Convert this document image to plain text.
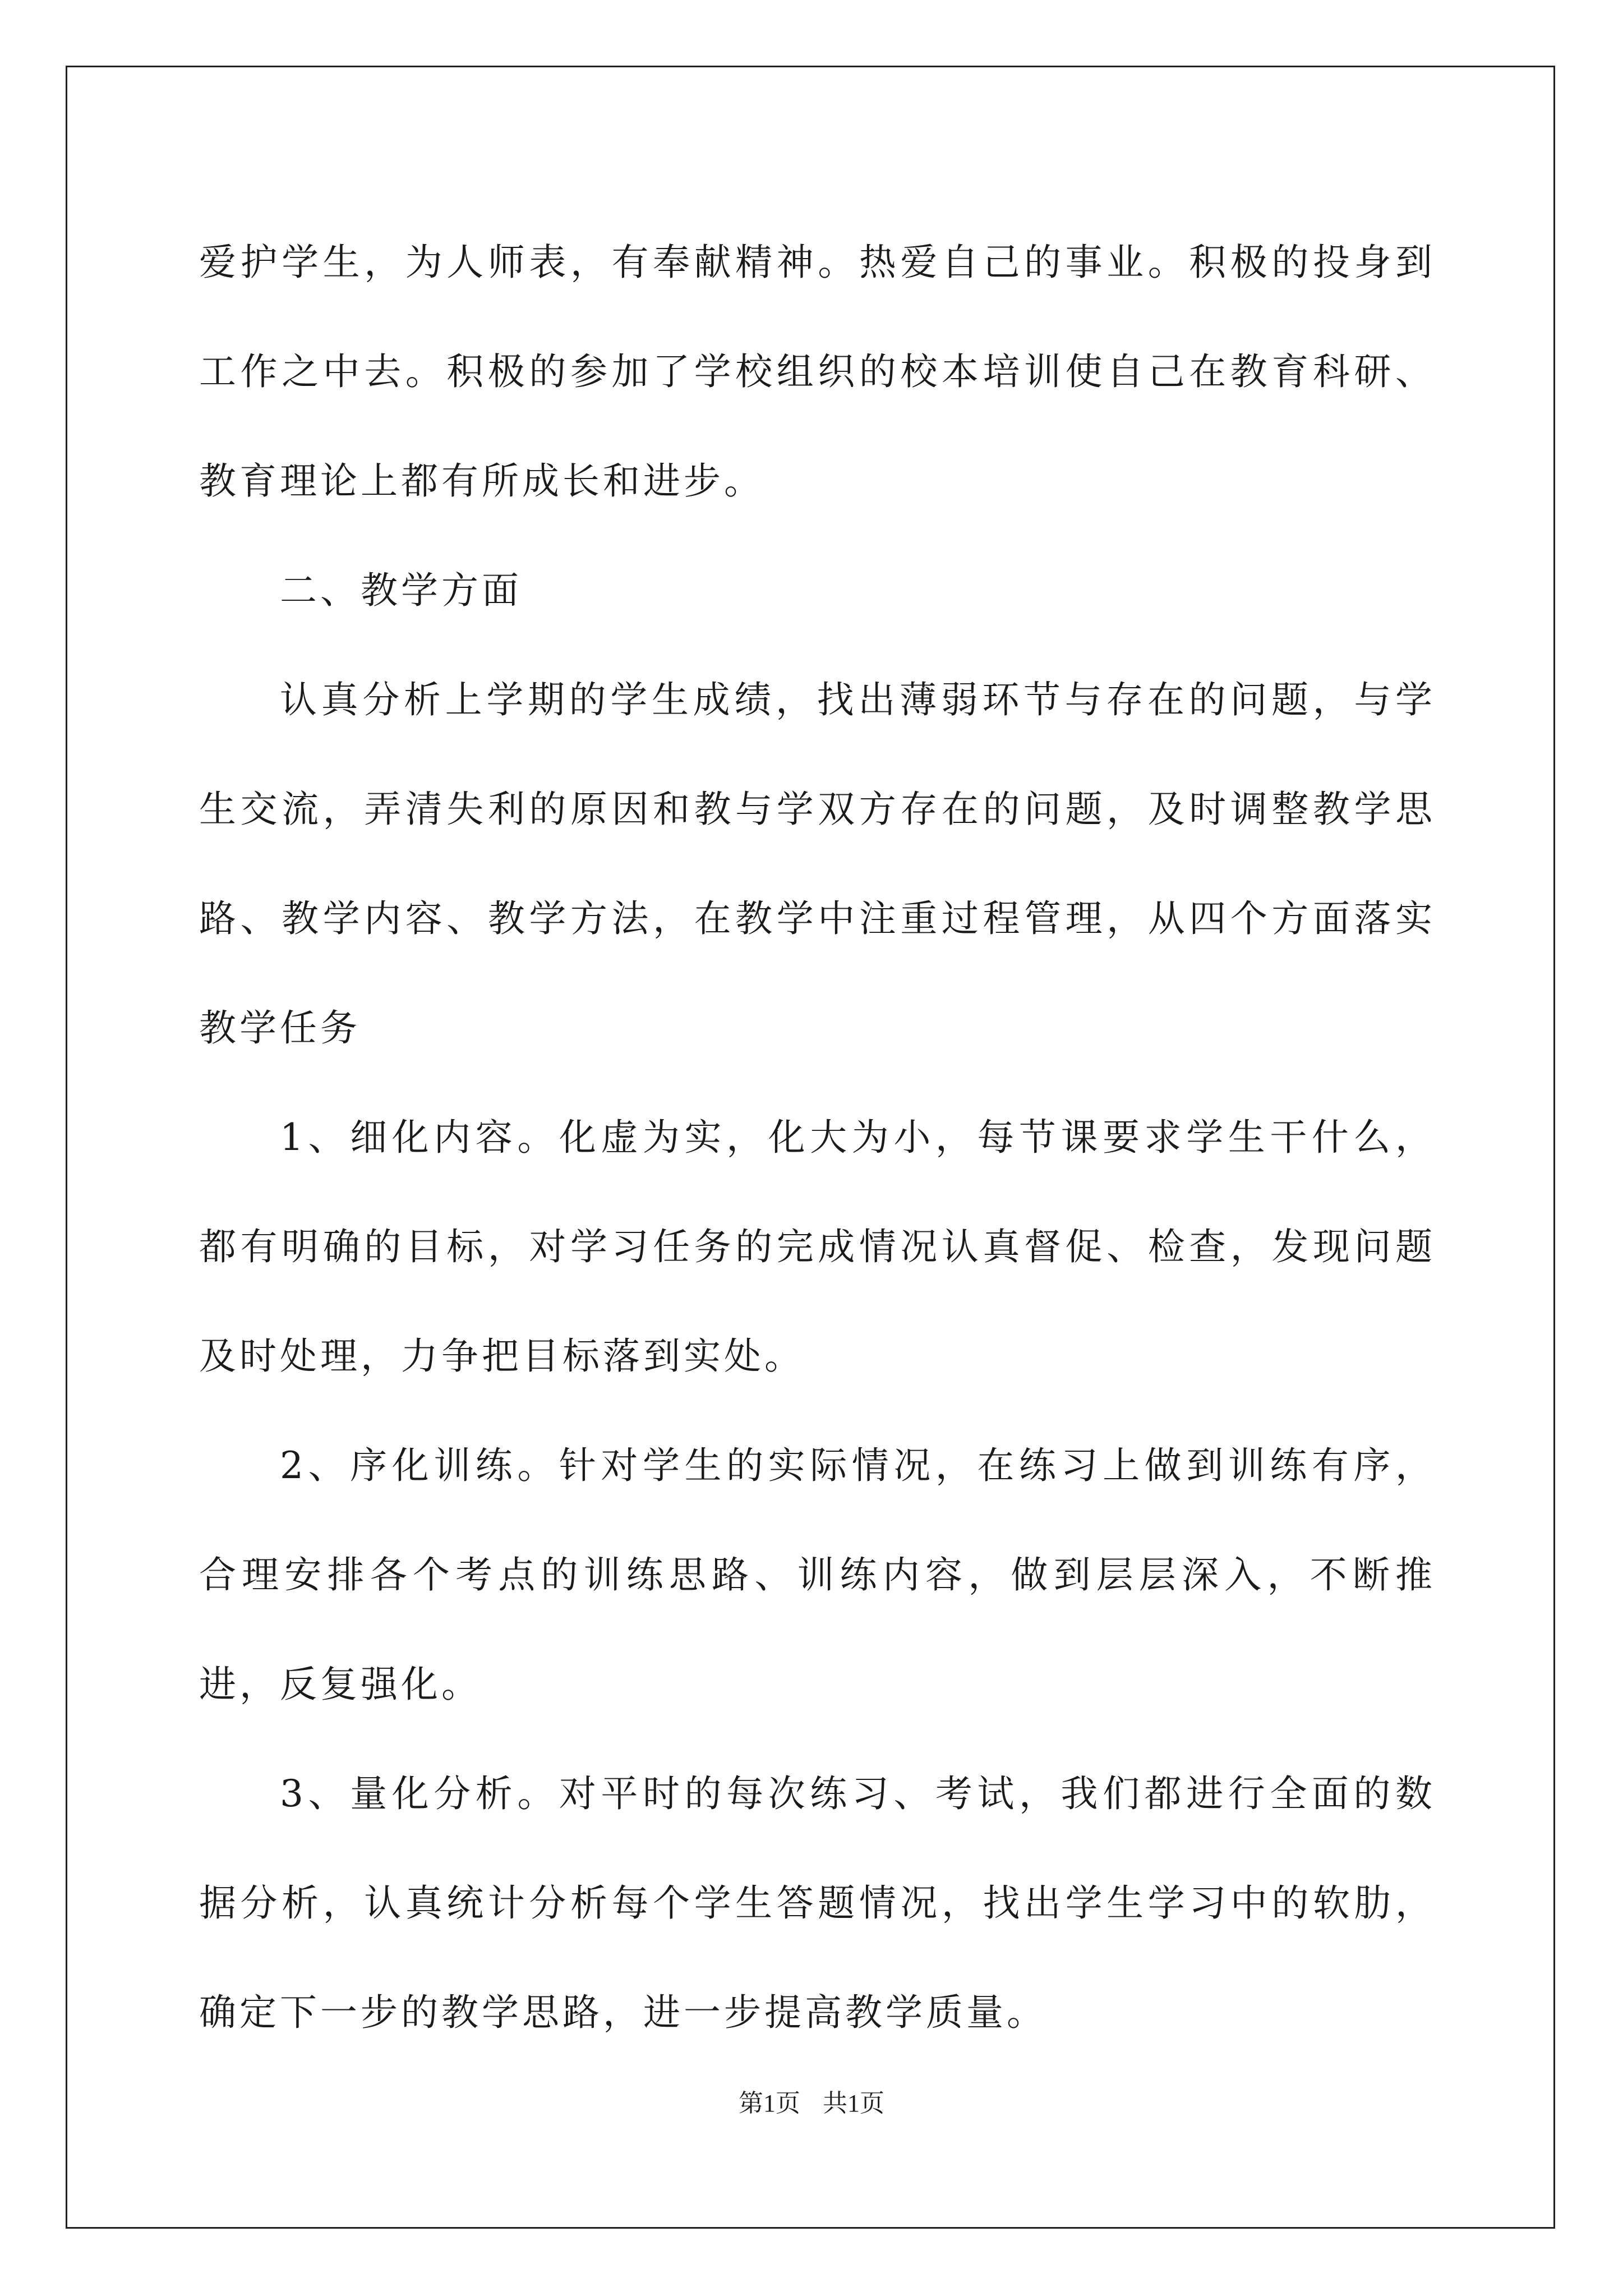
爱护学生，为人师表，有奉献精神。热爱自己的事业。积极的投身到工作之中去。积极的参加了学校组织的校本培训使自己在教育科研、教育理论上都有所成长和进步。

二、教学方面

认真分析上学期的学生成绩，找出薄弱环节与存在的问题，与学生交流，弄清失利的原因和教与学双方存在的问题，及时调整教学思路、教学内容、教学方法，在教学中注重过程管理，从四个方面落实教学任务

1、细化内容。化虚为实，化大为小，每节课要求学生干什么，都有明确的目标，对学习任务的完成情况认真督促、检查，发现问题及时处理，力争把目标落到实处。

2、序化训练。针对学生的实际情况，在练习上做到训练有序，合理安排各个考点的训练思路、训练内容，做到层层深入，不断推进，反复强化。

3、量化分析。对平时的每次练习、考试，我们都进行全面的数据分析，认真统计分析每个学生答题情况，找出学生学习中的软肋，确定下一步的教学思路，进一步提高教学质量。

第1页 共1页
